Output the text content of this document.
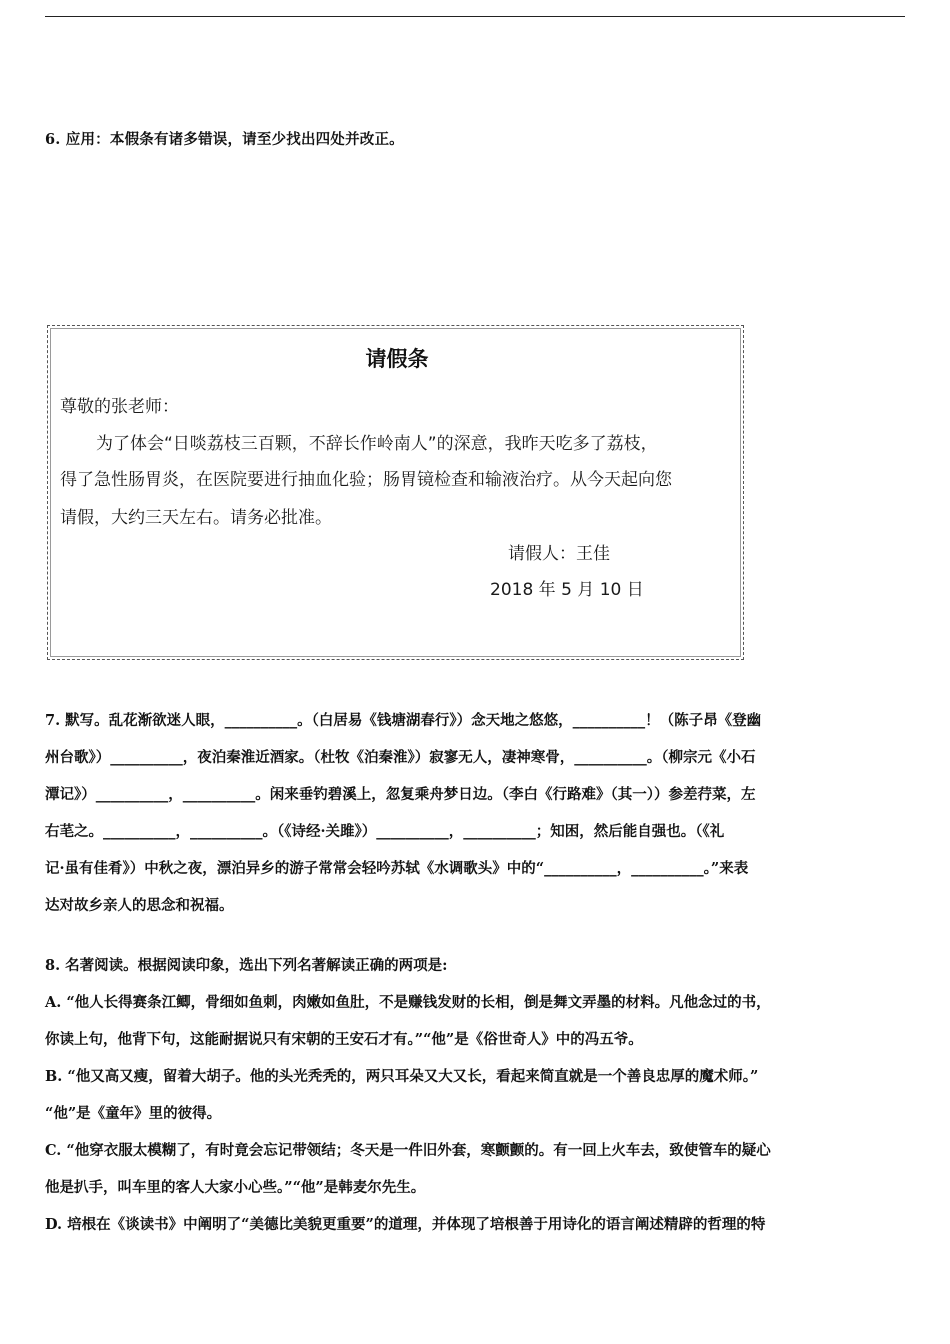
6. 应用：本假条有诸多错误，请至少找出四处并改正。
请假条
尊敬的张老师：
为了体会“日啖荔枝三百颗，不辞长作岭南人”的深意，我昨天吃多了荔枝，
得了急性肠胃炎，在医院要进行抽血化验；肠胃镜检查和输液治疗。从今天起向您
请假，大约三天左右。请务必批准。
请假人：王佳
2018 年 5 月 10 日
7. 默写。乱花渐欲迷人眼，__________。（白居易《钱塘湖春行》）念天地之悠悠，__________！（陈子昂《登幽
州台歌》）__________，夜泊秦淮近酒家。（杜牧《泊秦淮》）寂寥无人，凄神寒骨，__________。（柳宗元《小石
潭记》）__________，__________。闲来垂钓碧溪上，忽复乘舟梦日边。（李白《行路难》（其一））参差荇菜，左
右芼之。__________，__________。（《诗经·关雎》）__________，__________；知困，然后能自强也。（《礼
记·虽有佳肴》）中秋之夜，漂泊异乡的游子常常会轻吟苏轼《水调歌头》中的“__________，__________。”来表
达对故乡亲人的思念和祝福。
8. 名著阅读。根据阅读印象，选出下列名著解读正确的两项是:
A. “他人长得赛条江鲫，骨细如鱼刺，肉嫩如鱼肚，不是赚钱发财的长相，倒是舞文弄墨的材料。凡他念过的书，
你读上句，他背下句，这能耐据说只有宋朝的王安石才有。”“他”是《俗世奇人》中的冯五爷。
B. “他又高又瘦，留着大胡子。他的头光秃秃的，两只耳朵又大又长，看起来简直就是一个善良忠厚的魔术师。”
“他”是《童年》里的彼得。
C. “他穿衣服太模糊了，有时竟会忘记带领结；冬天是一件旧外套，寒颤颤的。有一回上火车去，致使管车的疑心
他是扒手，叫车里的客人大家小心些。”“他”是韩麦尔先生。
D. 培根在《谈读书》中阐明了“美德比美貌更重要”的道理，并体现了培根善于用诗化的语言阐述精辟的哲理的特
